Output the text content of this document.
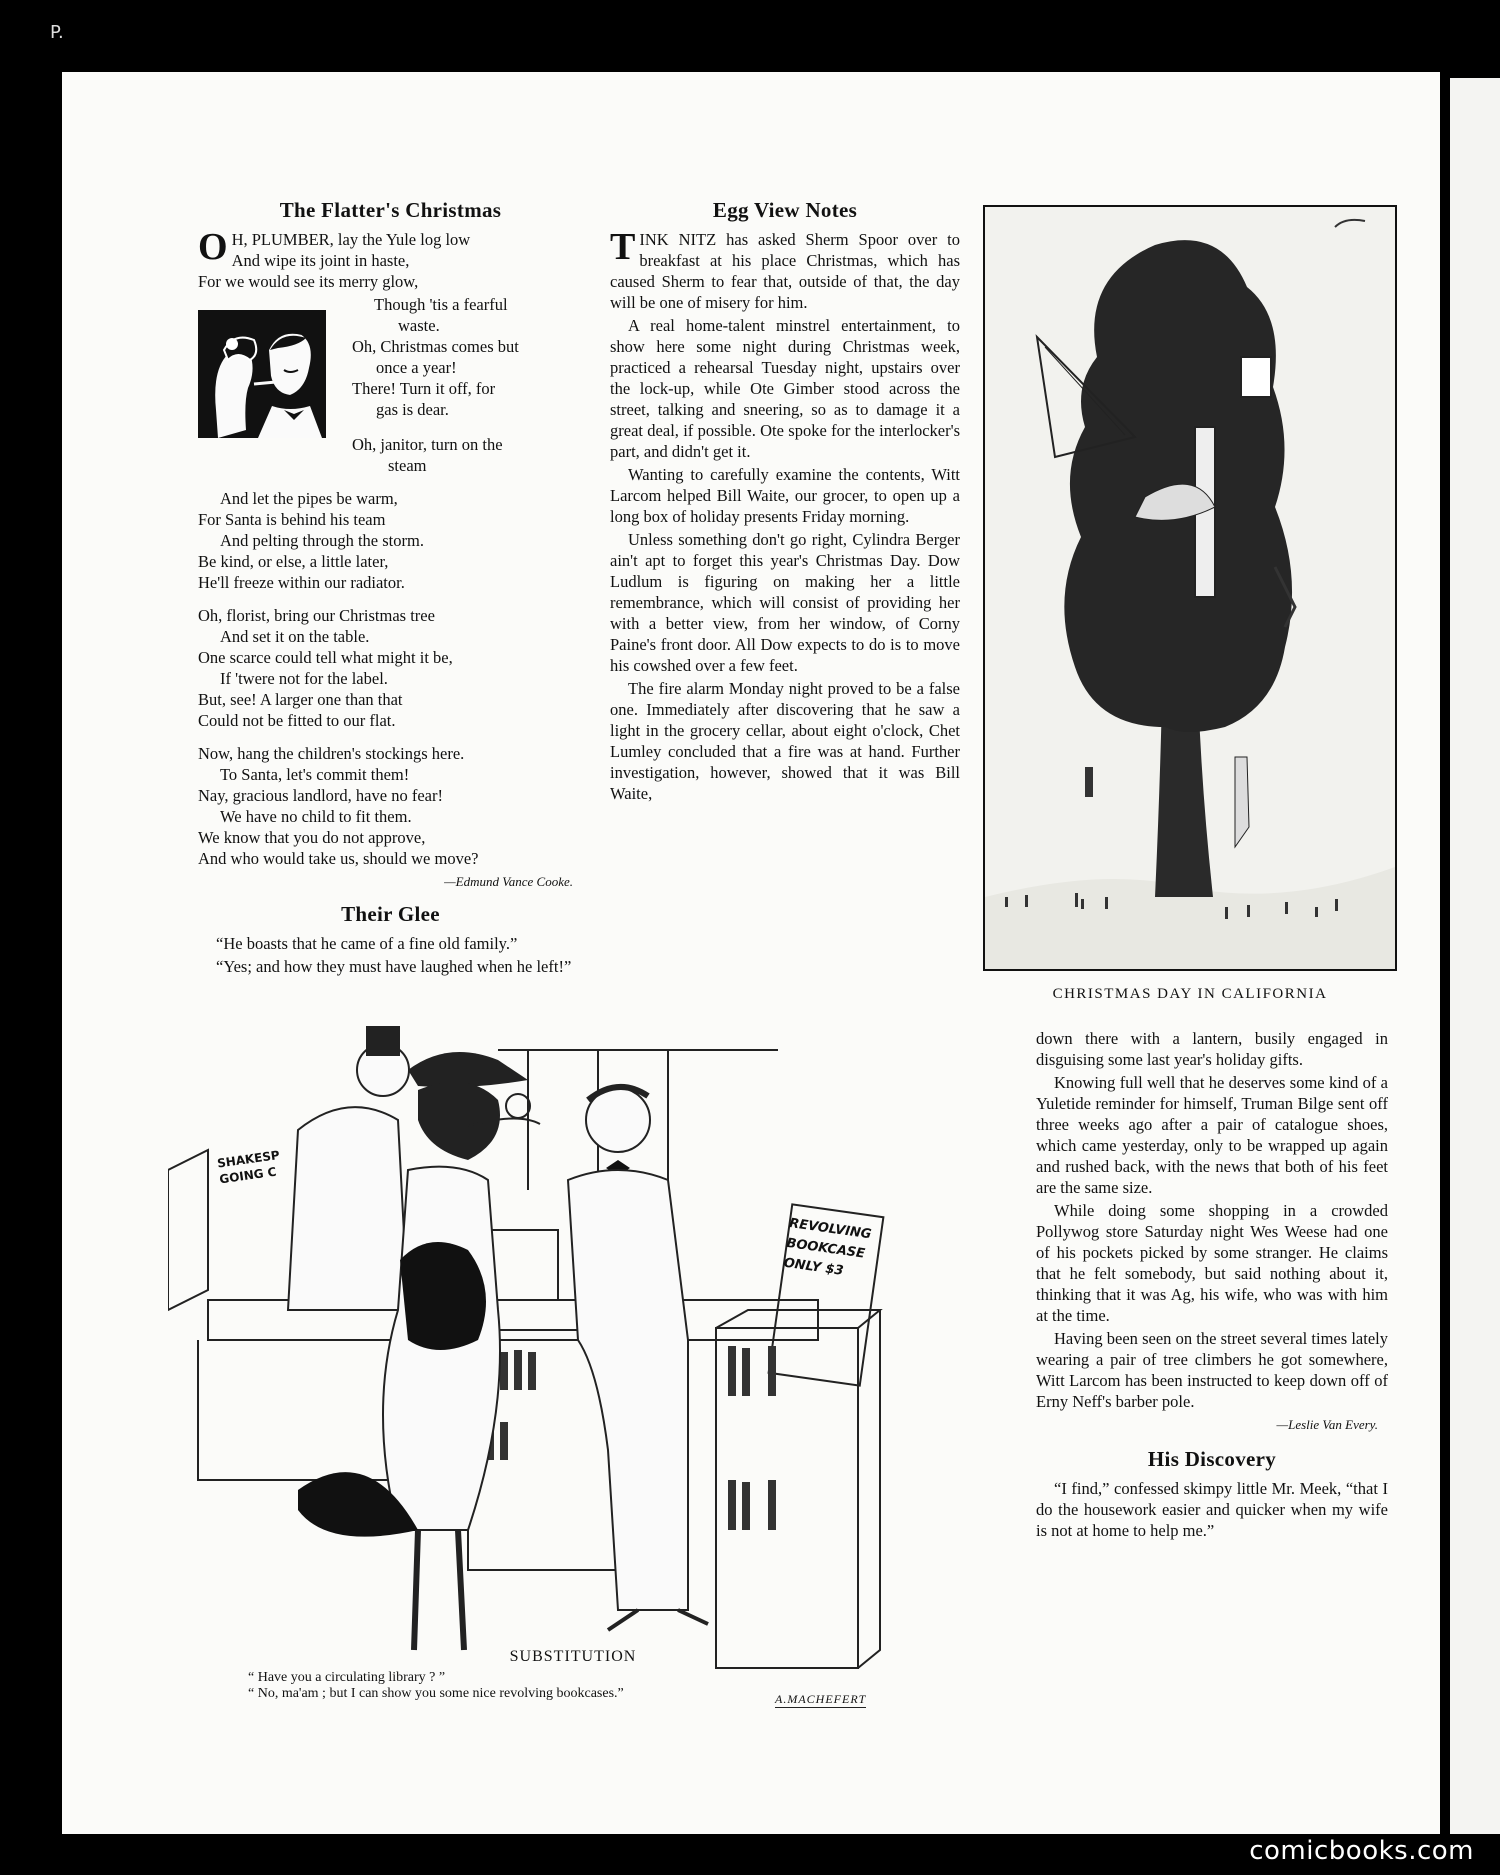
P.
comicbooks.com
The Flatter's Christmas
O H, PLUMBER, lay the Yule log low
And wipe its joint in haste,
For we would see its merry glow,
Though 'tis a fearful
waste.
Oh, Christmas comes but
once a year!
There! Turn it off, for
gas is dear.
Oh, janitor, turn on the
steam
And let the pipes be warm,
For Santa is behind his team
And pelting through the storm.
Be kind, or else, a little later,
He'll freeze within our radiator.
Oh, florist, bring our Christmas tree
And set it on the table.
One scarce could tell what might it be,
If 'twere not for the label.
But, see! A larger one than that
Could not be fitted to our flat.
Now, hang the children's stockings here.
To Santa, let's commit them!
Nay, gracious landlord, have no fear!
We have no child to fit them.
We know that you do not approve,
And who would take us, should we move?
—Edmund Vance Cooke.
Their Glee

“He boasts that he came of a fine old family.”

“Yes; and how they must have laughed when he left!”

Egg View Notes

TINK NITZ has asked Sherm Spoor over to breakfast at his place Christmas, which has caused Sherm to fear that, outside of that, the day will be one of misery for him.

A real home-talent minstrel entertainment, to show here some night during Christmas week, practiced a rehearsal Tuesday night, upstairs over the lock-up, while Ote Gimber stood across the street, talking and sneering, so as to damage it a great deal, if possible. Ote spoke for the interlocker's part, and didn't get it.

Wanting to carefully examine the contents, Witt Larcom helped Bill Waite, our grocer, to open up a long box of holiday presents Friday morning.

Unless something don't go right, Cylindra Berger ain't apt to forget this year's Christmas Day. Dow Ludlum is figuring on making her a little remembrance, which will consist of providing her with a better view, from her window, of Corny Paine's front door. All Dow expects to do is to move his cowshed over a few feet.

The fire alarm Monday night proved to be a false one. Immediately after discovering that he saw a light in the grocery cellar, about eight o'clock, Chet Lumley concluded that a fire was at hand. Further investigation, however, showed that it was Bill Waite,

CHRISTMAS DAY IN CALIFORNIA
SHAKESP
GOING C
REVOLVING
BOOKCASE
ONLY $3
SUBSTITUTION
“ Have you a circulating library ? ”
“ No, ma'am ; but I can show you some nice revolving bookcases.”	A.MACHEFERT

down there with a lantern, busily engaged in disguising some last year's holiday gifts.

Knowing full well that he deserves some kind of a Yuletide reminder for himself, Truman Bilge sent off three weeks ago after a pair of catalogue shoes, which came yesterday, only to be wrapped up again and rushed back, with the news that both of his feet are the same size.

While doing some shopping in a crowded Pollywog store Saturday night Wes Weese had one of his pockets picked by some stranger. He claims that he felt somebody, but said nothing about it, thinking that it was Ag, his wife, who was with him at the time.

Having been seen on the street several times lately wearing a pair of tree climbers he got somewhere, Witt Larcom has been instructed to keep down off of Erny Neff's barber pole.

—Leslie Van Every.
His Discovery

“I find,” confessed skimpy little Mr. Meek, “that I do the housework easier and quicker when my wife is not at home to help me.”
